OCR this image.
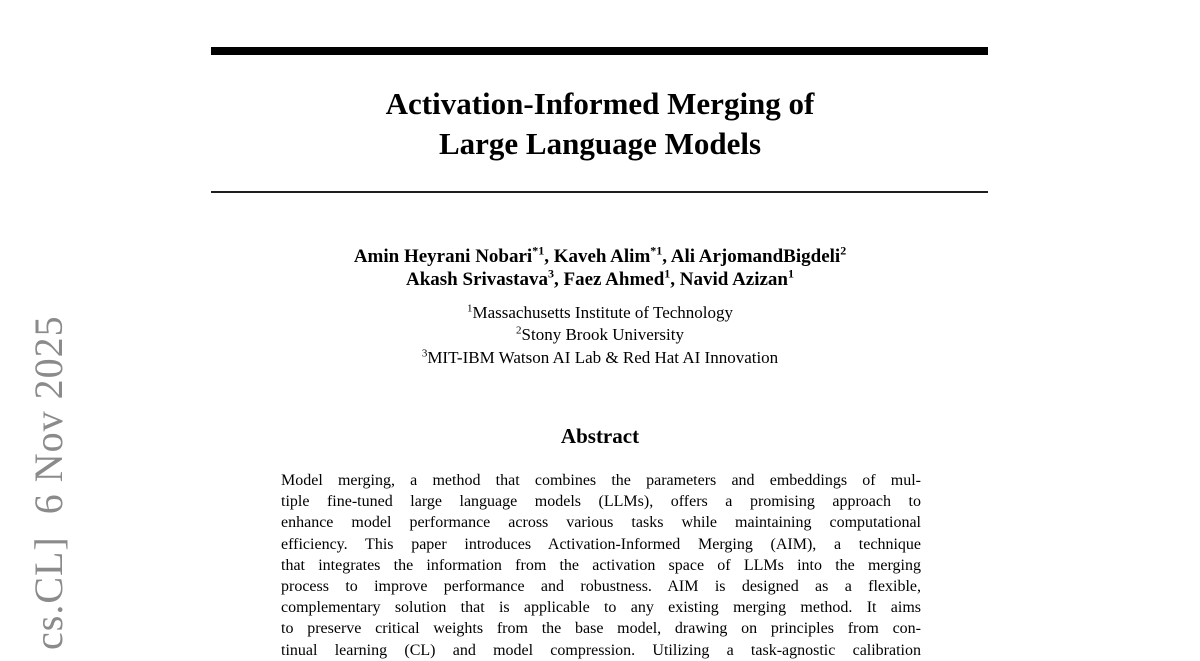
cs.CL]  6 Nov 2025
Activation-Informed Merging of
Large Language Models
Amin Heyrani Nobari$^{*1}$, Kaveh Alim$^{*1}$, Ali ArjomandBigdeli$^2$
Akash Srivastava$^3$, Faez Ahmed$^1$, Navid Azizan$^1$
$^1$Massachusetts Institute of Technology
$^2$Stony Brook University
$^3$MIT-IBM Watson AI Lab & Red Hat AI Innovation
Abstract
Model merging, a method that combines the parameters and embeddings of mul-
tiple fine-tuned large language models (LLMs), offers a promising approach to
enhance model performance across various tasks while maintaining computational
efficiency. This paper introduces Activation-Informed Merging (AIM), a technique
that integrates the information from the activation space of LLMs into the merging
process to improve performance and robustness. AIM is designed as a flexible,
complementary solution that is applicable to any existing merging method. It aims
to preserve critical weights from the base model, drawing on principles from con-
tinual learning (CL) and model compression. Utilizing a task-agnostic calibration
